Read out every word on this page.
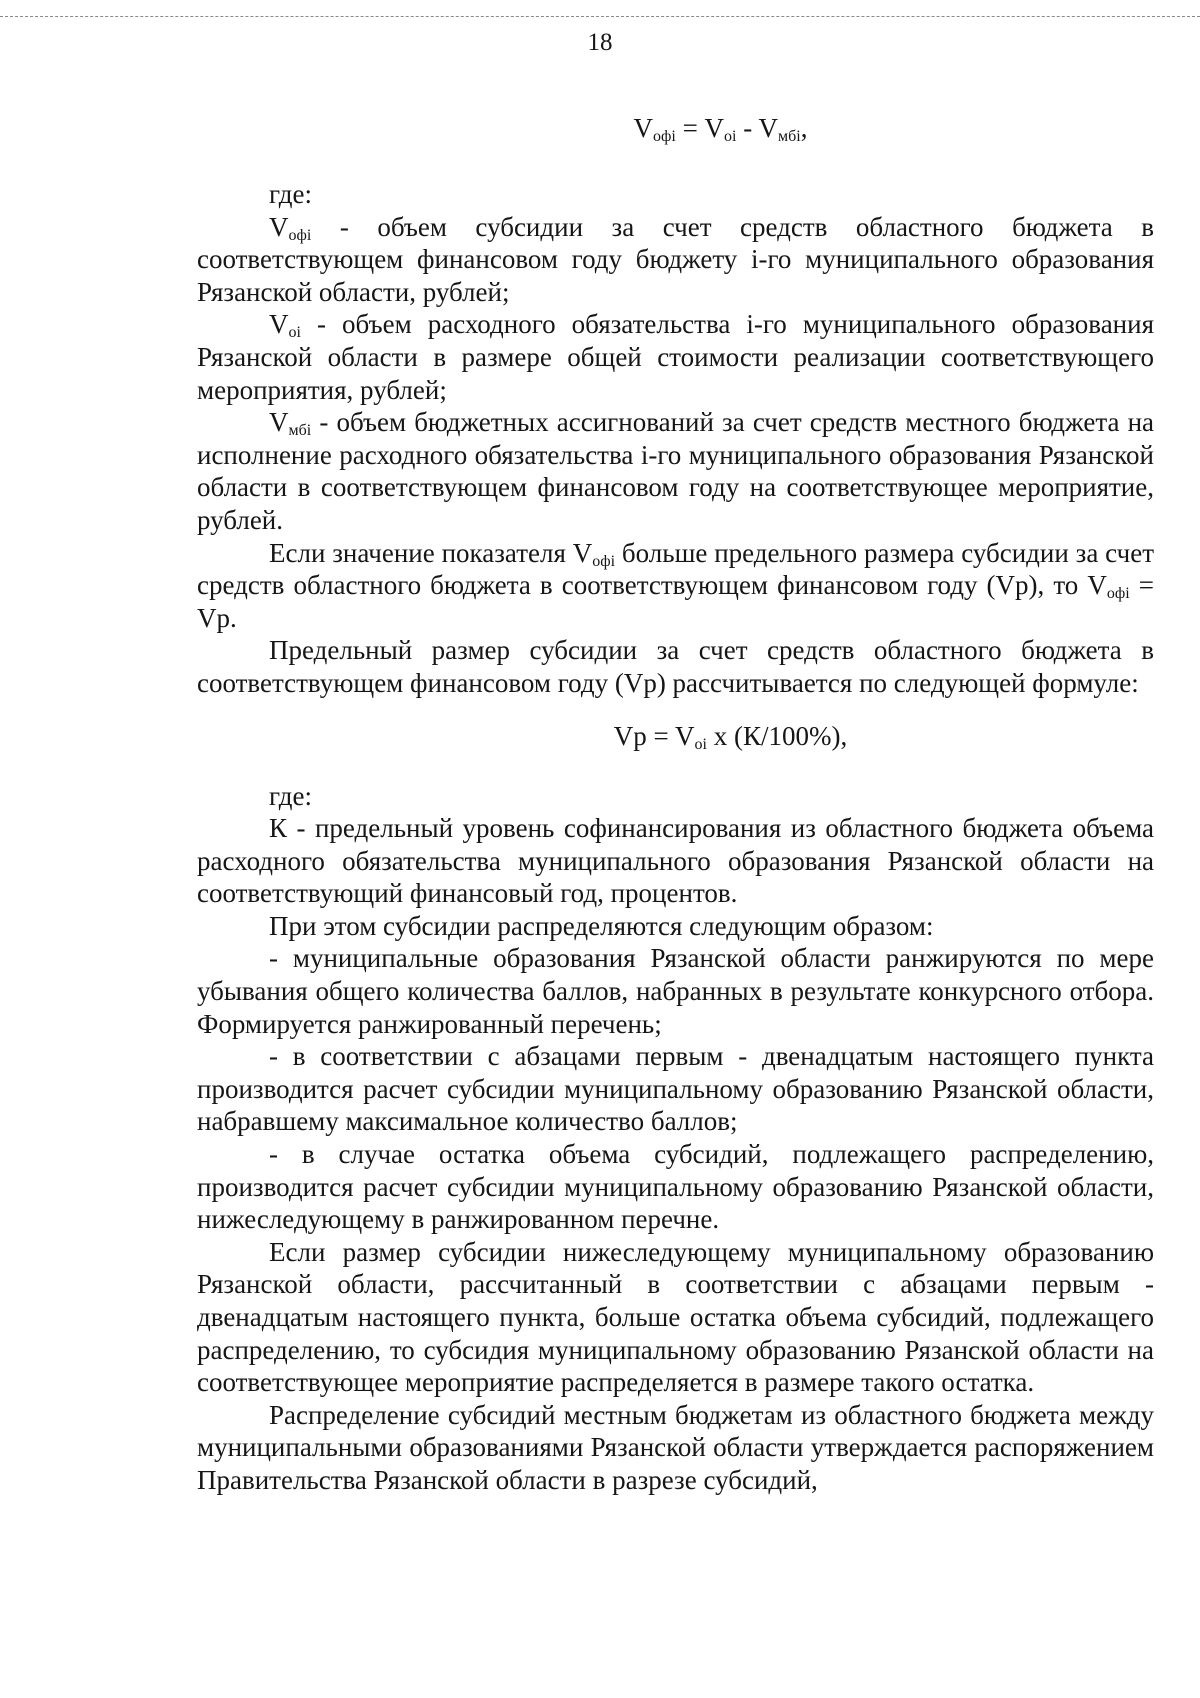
18
$V_{офі} = V_{oi} - V_{мбі}$,

где:

$V_{офі}$ - объем субсидии за счет средств областного бюджета в соответствующем финансовом году бюджету i-го муниципального образования Рязанской области, рублей;

$V_{oi}$ - объем расходного обязательства i-го муниципального образования Рязанской области в размере общей стоимости реализации соответствующего мероприятия, рублей;

$V_{мбі}$ - объем бюджетных ассигнований за счет средств местного бюджета на исполнение расходного обязательства i-го муниципального образования Рязанской области в соответствующем финансовом году на соответствующее мероприятие, рублей.

Если значение показателя $V_{офі}$ больше предельного размера субсидии за счет средств областного бюджета в соответствующем финансовом году (Vp), то $V_{офі} = Vp$.

Предельный размер субсидии за счет средств областного бюджета в соответствующем финансовом году (Vp) рассчитывается по следующей формуле:

$Vp = V_{oi}$ x (К/100%),

где:

К - предельный уровень софинансирования из областного бюджета объема расходного обязательства муниципального образования Рязанской области на соответствующий финансовый год, процентов.

При этом субсидии распределяются следующим образом:

- муниципальные образования Рязанской области ранжируются по мере убывания общего количества баллов, набранных в результате конкурсного отбора. Формируется ранжированный перечень;

- в соответствии с абзацами первым - двенадцатым настоящего пункта производится расчет субсидии муниципальному образованию Рязанской области, набравшему максимальное количество баллов;

- в случае остатка объема субсидий, подлежащего распределению, производится расчет субсидии муниципальному образованию Рязанской области, нижеследующему в ранжированном перечне.

Если размер субсидии нижеследующему муниципальному образованию Рязанской области, рассчитанный в соответствии с абзацами первым - двенадцатым настоящего пункта, больше остатка объема субсидий, подлежащего распределению, то субсидия муниципальному образованию Рязанской области на соответствующее мероприятие распределяется в размере такого остатка.

Распределение субсидий местным бюджетам из областного бюджета между муниципальными образованиями Рязанской области утверждается распоряжением Правительства Рязанской области в разрезе субсидий,
